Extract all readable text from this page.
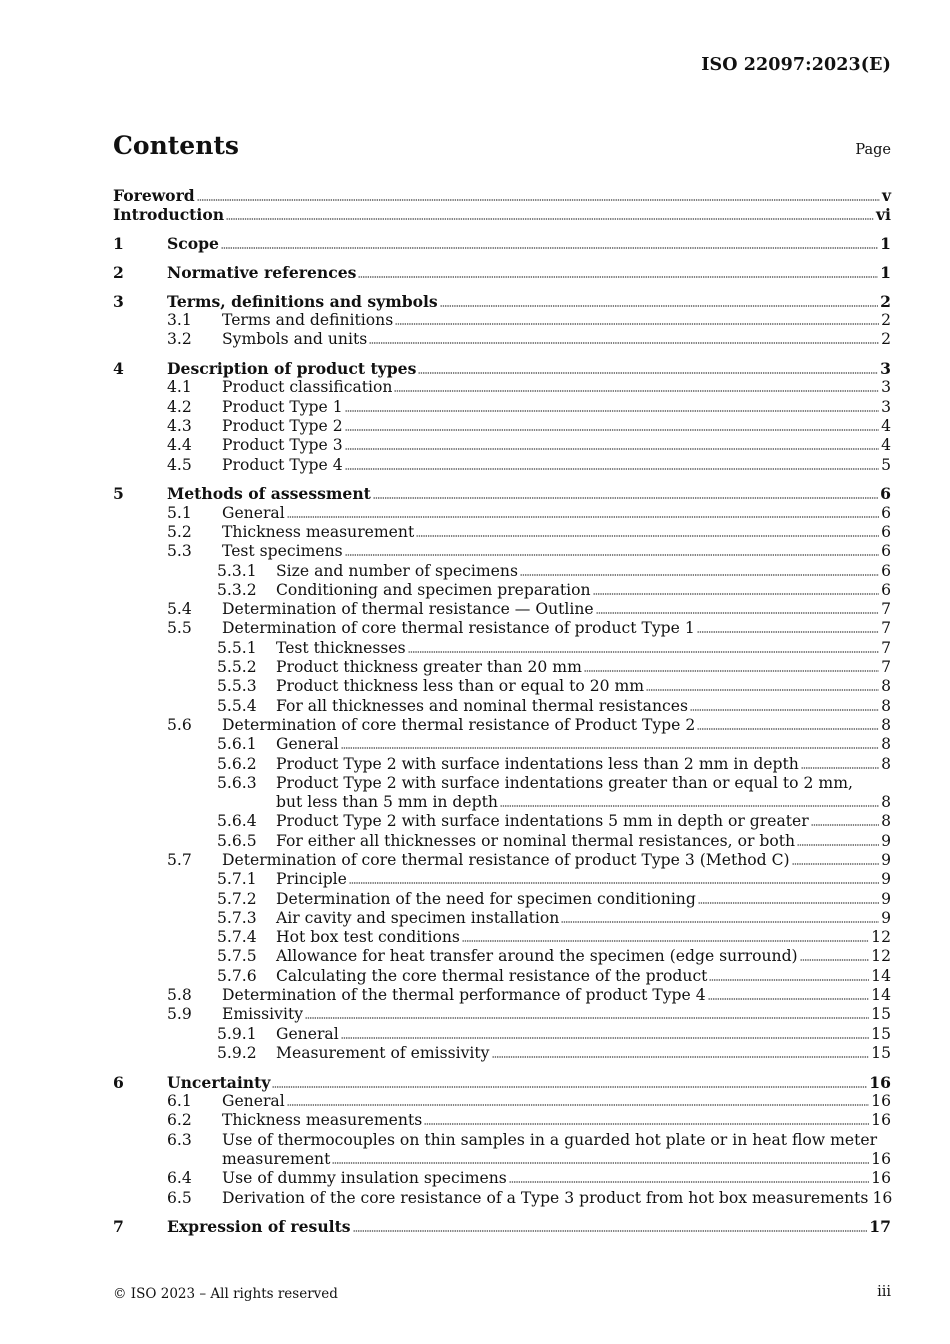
ISO 22097:2023(E)
Contents	Page
Foreword	v
Introduction	vi
1	Scope	1
2	Normative references	1
3	Terms, definitions and symbols	2
3.1 Terms and definitions	2
3.2 Symbols and units	2
4	Description of product types	3
4.1 Product classification	3
4.2 Product Type 1	3
4.3 Product Type 2	4
4.4 Product Type 3	4
4.5 Product Type 4	5
5	Methods of assessment	6
5.1 General	6
5.2 Thickness measurement	6
5.3 Test specimens	6
5.3.1 Size and number of specimens	6
5.3.2 Conditioning and specimen preparation	6
5.4 Determination of thermal resistance — Outline	7
5.5 Determination of core thermal resistance of product Type 1	7
5.5.1 Test thicknesses	7
5.5.2 Product thickness greater than 20 mm	7
5.5.3 Product thickness less than or equal to 20 mm	8
5.5.4 For all thicknesses and nominal thermal resistances	8
5.6 Determination of core thermal resistance of Product Type 2	8
5.6.1 General	8
5.6.2 Product Type 2 with surface indentations less than 2 mm in depth	8
5.6.3 Product Type 2 with surface indentations greater than or equal to 2 mm,
but less than 5 mm in depth	8
5.6.4 Product Type 2 with surface indentations 5 mm in depth or greater	8
5.6.5 For either all thicknesses or nominal thermal resistances, or both	9
5.7 Determination of core thermal resistance of product Type 3 (Method C)	9
5.7.1 Principle	9
5.7.2 Determination of the need for specimen conditioning	9
5.7.3 Air cavity and specimen installation	9
5.7.4 Hot box test conditions	12
5.7.5 Allowance for heat transfer around the specimen (edge surround)	12
5.7.6 Calculating the core thermal resistance of the product	14
5.8 Determination of the thermal performance of product Type 4	14
5.9 Emissivity	15
5.9.1 General	15
5.9.2 Measurement of emissivity	15
6	Uncertainty	16
6.1 General	16
6.2 Thickness measurements	16
6.3 Use of thermocouples on thin samples in a guarded hot plate or in heat flow meter
measurement	16
6.4 Use of dummy insulation specimens	16
6.5 Derivation of the core resistance of a Type 3 product from hot box measurements 16
7	Expression of results	17
© ISO 2023 – All rights reserved	iii
